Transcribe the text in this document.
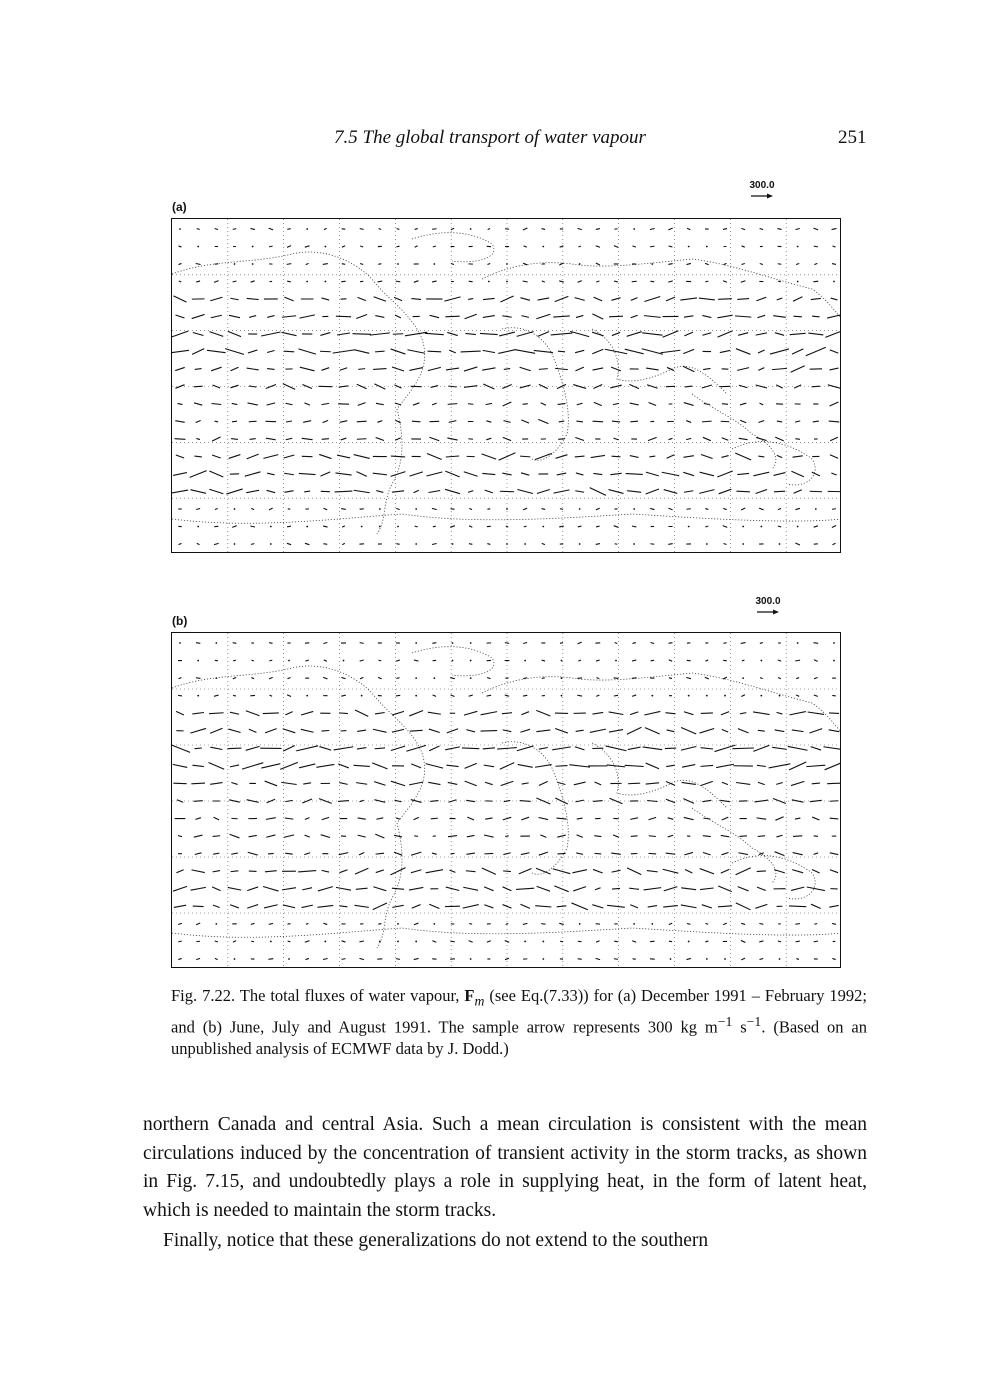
7.5 The global transport of water vapour	251
(a)
300.0
(b)
300.0

Fig. 7.22. The total fluxes of water vapour, $F_m$ (see Eq.(7.33)) for (a) December 1991 – February 1992; and (b) June, July and August 1991. The sample arrow represents 300 kg $m^{-1}$ $s^{-1}$. (Based on an unpublished analysis of ECMWF data by J. Dodd.)

northern Canada and central Asia. Such a mean circulation is consistent with the mean circulations induced by the concentration of transient activity in the storm tracks, as shown in Fig. 7.15, and undoubtedly plays a role in supplying heat, in the form of latent heat, which is needed to maintain the storm tracks.

Finally, notice that these generalizations do not extend to the southern
